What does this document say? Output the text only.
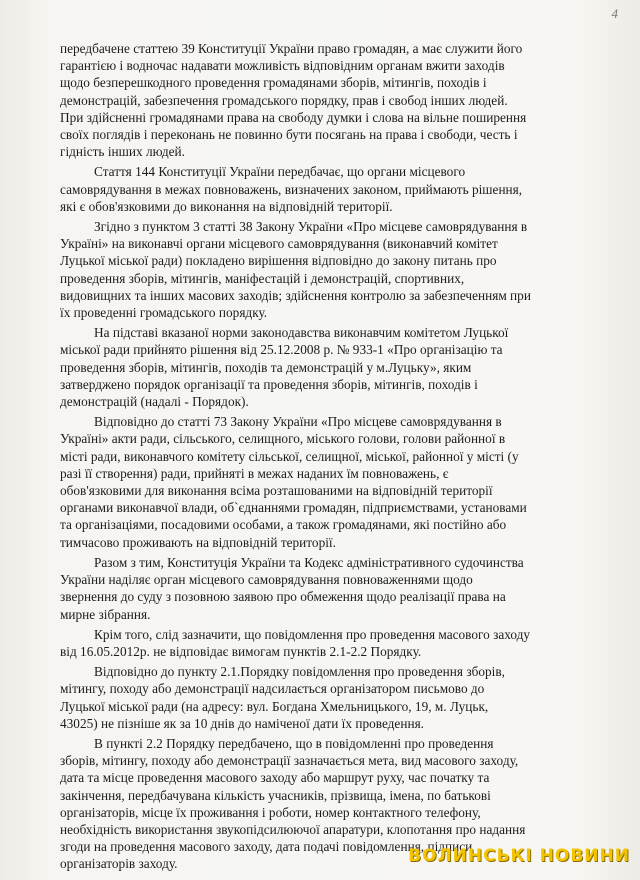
4
передбачене статтею 39 Конституції України право громадян, а має служити його
гарантією і водночас надавати можливість відповідним органам вжити заходів
щодо безперешкодного проведення громадянами зборів, мітингів, походів і
демонстрацій, забезпечення громадського порядку, прав і свобод інших людей.
При здійсненні громадянами права на свободу думки і слова на вільне поширення
своїх поглядів і переконань не повинно бути посягань на права і свободи, честь і
гідність інших людей.
Стаття 144 Конституції України передбачає, що органи місцевого
самоврядування в межах повноважень, визначених законом, приймають рішення,
які є обов'язковими до виконання на відповідній території.
Згідно з пунктом 3 статті 38 Закону України «Про місцеве самоврядування в
Україні» на виконавчі органи місцевого самоврядування (виконавчий комітет
Луцької міської ради) покладено вирішення відповідно до закону питань про
проведення зборів, мітингів, маніфестацій і демонстрацій, спортивних,
видовищних та інших масових заходів; здійснення контролю за забезпеченням при
їх проведенні громадського порядку.
На підставі вказаної норми законодавства виконавчим комітетом Луцької
міської ради прийнято рішення від 25.12.2008 р. № 933-1 «Про організацію та
проведення зборів, мітингів, походів та демонстрацій у м.Луцьку», яким
затверджено порядок організації та проведення зборів, мітингів, походів і
демонстрацій (надалі - Порядок).
Відповідно до статті 73 Закону України «Про місцеве самоврядування в
Україні» акти ради, сільського, селищного, міського голови, голови районної в
місті ради, виконавчого комітету сільської, селищної, міської, районної у місті (у
разі її створення) ради, прийняті в межах наданих їм повноважень, є
обов'язковими для виконання всіма розташованими на відповідній території
органами виконавчої влади, об`єднаннями громадян, підприємствами, установами
та організаціями, посадовими особами, а також громадянами, які постійно або
тимчасово проживають на відповідній території.
Разом з тим, Конституція України та Кодекс адміністративного судочинства
України наділяє орган місцевого самоврядування повноваженнями щодо
звернення до суду з позовною заявою про обмеження щодо реалізації права на
мирне зібрання.
Крім того, слід зазначити, що повідомлення про проведення масового заходу
від 16.05.2012р. не відповідає вимогам пунктів 2.1-2.2 Порядку.
Відповідно до пункту 2.1.Порядку повідомлення про проведення зборів,
мітингу, походу або демонстрації надсилається організатором письмово до
Луцької міської ради (на адресу: вул. Богдана Хмельницького, 19, м. Луцьк,
43025) не пізніше як за 10 днів до наміченої дати їх проведення.
В пункті 2.2 Порядку передбачено, що в повідомленні про проведення
зборів, мітингу, походу або демонстрації зазначається мета, вид масового заходу,
дата та місце проведення масового заходу або маршрут руху, час початку та
закінчення, передбачувана кількість учасників, прізвища, імена, по батькові
організаторів, місце їх проживання і роботи, номер контактного телефону,
необхідність використання звукопідсилюючої апаратури, клопотання про надання
згоди на проведення масового заходу, дата подачі повідомлення, підписи
організаторів заходу.	ВОЛИНСЬКІ НОВИНИ
